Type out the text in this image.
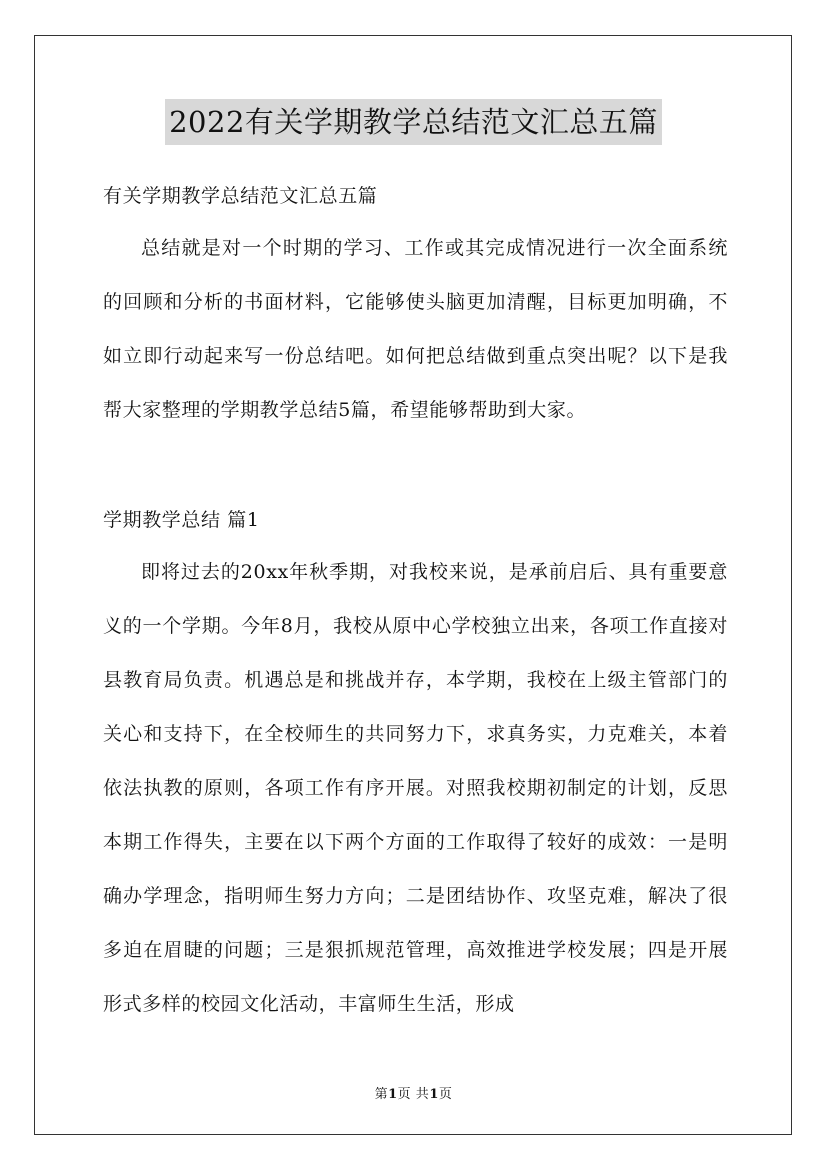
2022有关学期教学总结范文汇总五篇
有关学期教学总结范文汇总五篇
总结就是对一个时期的学习、工作或其完成情况进行一次全面系统的回顾和分析的书面材料，它能够使头脑更加清醒，目标更加明确，不如立即行动起来写一份总结吧。如何把总结做到重点突出呢？以下是我帮大家整理的学期教学总结5篇，希望能够帮助到大家。
学期教学总结 篇1
即将过去的20xx年秋季期，对我校来说，是承前启后、具有重要意义的一个学期。今年8月，我校从原中心学校独立出来，各项工作直接对县教育局负责。机遇总是和挑战并存，本学期，我校在上级主管部门的关心和支持下，在全校师生的共同努力下，求真务实，力克难关，本着依法执教的原则，各项工作有序开展。对照我校期初制定的计划，反思本期工作得失，主要在以下两个方面的工作取得了较好的成效：一是明确办学理念，指明师生努力方向；二是团结协作、攻坚克难，解决了很多迫在眉睫的问题；三是狠抓规范管理，高效推进学校发展；四是开展形式多样的校园文化活动，丰富师生生活，形成
第1页 共1页
